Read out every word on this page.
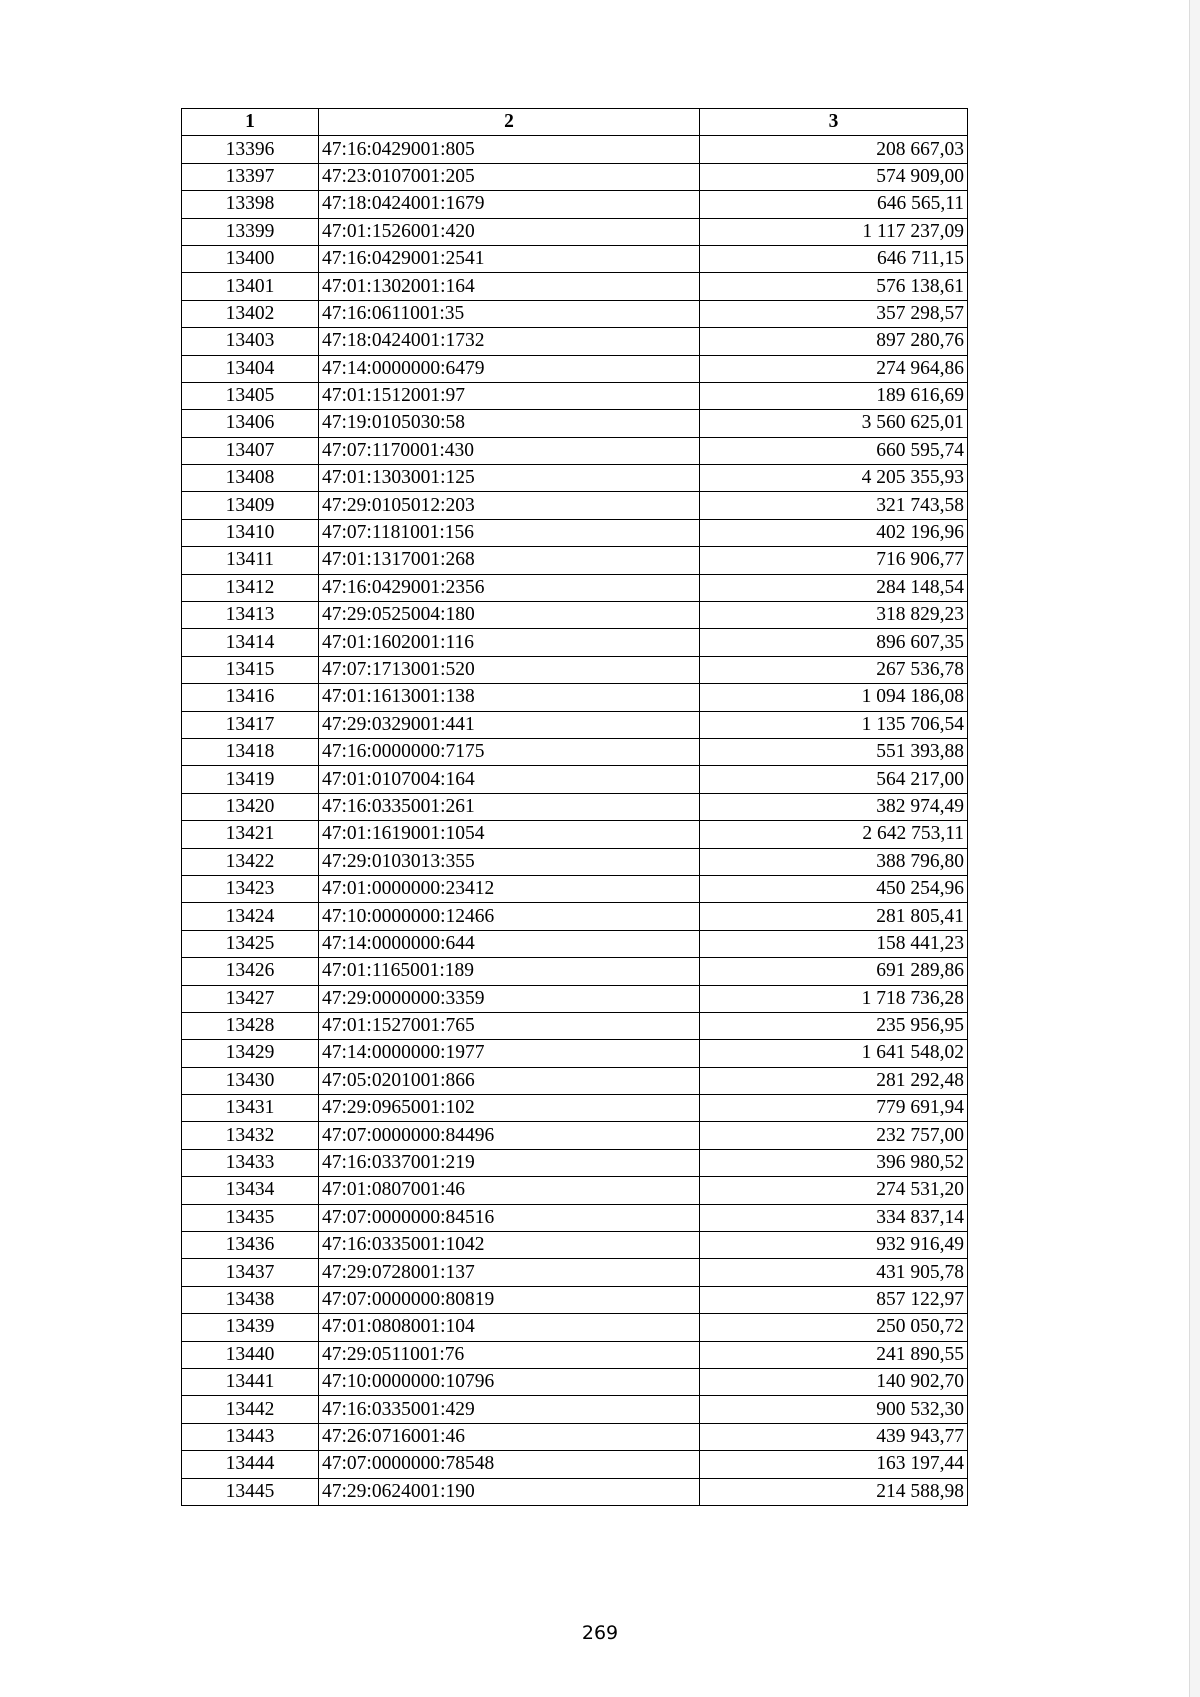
1	2	3
13396	47:16:0429001:805	208 667,03
13397	47:23:0107001:205	574 909,00
13398	47:18:0424001:1679	646 565,11
13399	47:01:1526001:420	1 117 237,09
13400	47:16:0429001:2541	646 711,15
13401	47:01:1302001:164	576 138,61
13402	47:16:0611001:35	357 298,57
13403	47:18:0424001:1732	897 280,76
13404	47:14:0000000:6479	274 964,86
13405	47:01:1512001:97	189 616,69
13406	47:19:0105030:58	3 560 625,01
13407	47:07:1170001:430	660 595,74
13408	47:01:1303001:125	4 205 355,93
13409	47:29:0105012:203	321 743,58
13410	47:07:1181001:156	402 196,96
13411	47:01:1317001:268	716 906,77
13412	47:16:0429001:2356	284 148,54
13413	47:29:0525004:180	318 829,23
13414	47:01:1602001:116	896 607,35
13415	47:07:1713001:520	267 536,78
13416	47:01:1613001:138	1 094 186,08
13417	47:29:0329001:441	1 135 706,54
13418	47:16:0000000:7175	551 393,88
13419	47:01:0107004:164	564 217,00
13420	47:16:0335001:261	382 974,49
13421	47:01:1619001:1054	2 642 753,11
13422	47:29:0103013:355	388 796,80
13423	47:01:0000000:23412	450 254,96
13424	47:10:0000000:12466	281 805,41
13425	47:14:0000000:644	158 441,23
13426	47:01:1165001:189	691 289,86
13427	47:29:0000000:3359	1 718 736,28
13428	47:01:1527001:765	235 956,95
13429	47:14:0000000:1977	1 641 548,02
13430	47:05:0201001:866	281 292,48
13431	47:29:0965001:102	779 691,94
13432	47:07:0000000:84496	232 757,00
13433	47:16:0337001:219	396 980,52
13434	47:01:0807001:46	274 531,20
13435	47:07:0000000:84516	334 837,14
13436	47:16:0335001:1042	932 916,49
13437	47:29:0728001:137	431 905,78
13438	47:07:0000000:80819	857 122,97
13439	47:01:0808001:104	250 050,72
13440	47:29:0511001:76	241 890,55
13441	47:10:0000000:10796	140 902,70
13442	47:16:0335001:429	900 532,30
13443	47:26:0716001:46	439 943,77
13444	47:07:0000000:78548	163 197,44
13445	47:29:0624001:190	214 588,98
269
